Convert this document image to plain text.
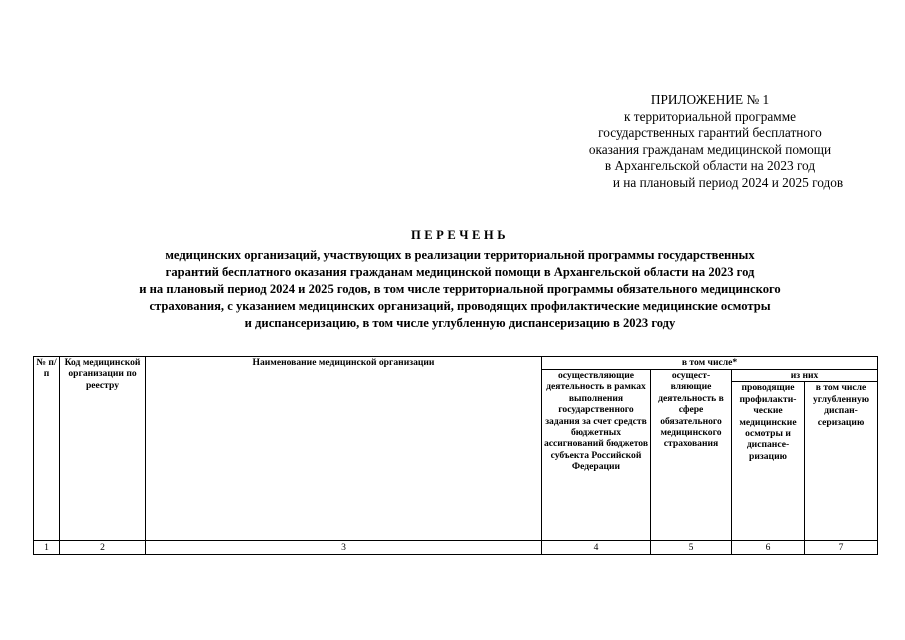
ПРИЛОЖЕНИЕ № 1
к территориальной программе
государственных гарантий бесплатного
оказания гражданам медицинской помощи
в Архангельской области на 2023 год
и на плановый период 2024 и 2025 годов
ПЕРЕЧЕНЬ
медицинских организаций, участвующих в реализации территориальной программы государственных
гарантий бесплатного оказания гражданам медицинской помощи в Архангельской области на 2023 год
и на плановый период 2024 и 2025 годов, в том числе территориальной программы обязательного медицинского
страхования, с указанием медицинских организаций, проводящих профилактические медицинские осмотры
и диспансеризацию, в том числе углубленную диспансеризацию в 2023 году
№ п/п	Код медицинской организации по реестру	Наименование медицинской организации	в том числе*			
			осуществляющие деятельность в рамках выполнения государственного задания за счет средств бюджетных ассигнований бюджетов субъекта Российской Федерации	осущест-вляющие деятельность в сфере обязательного медицинского страхования	из них	
					проводящие профилакти-ческие медицинские осмотры и диспансе-ризацию	в том числе углубленную диспан-серизацию
1	2	3	4	5	6	7
